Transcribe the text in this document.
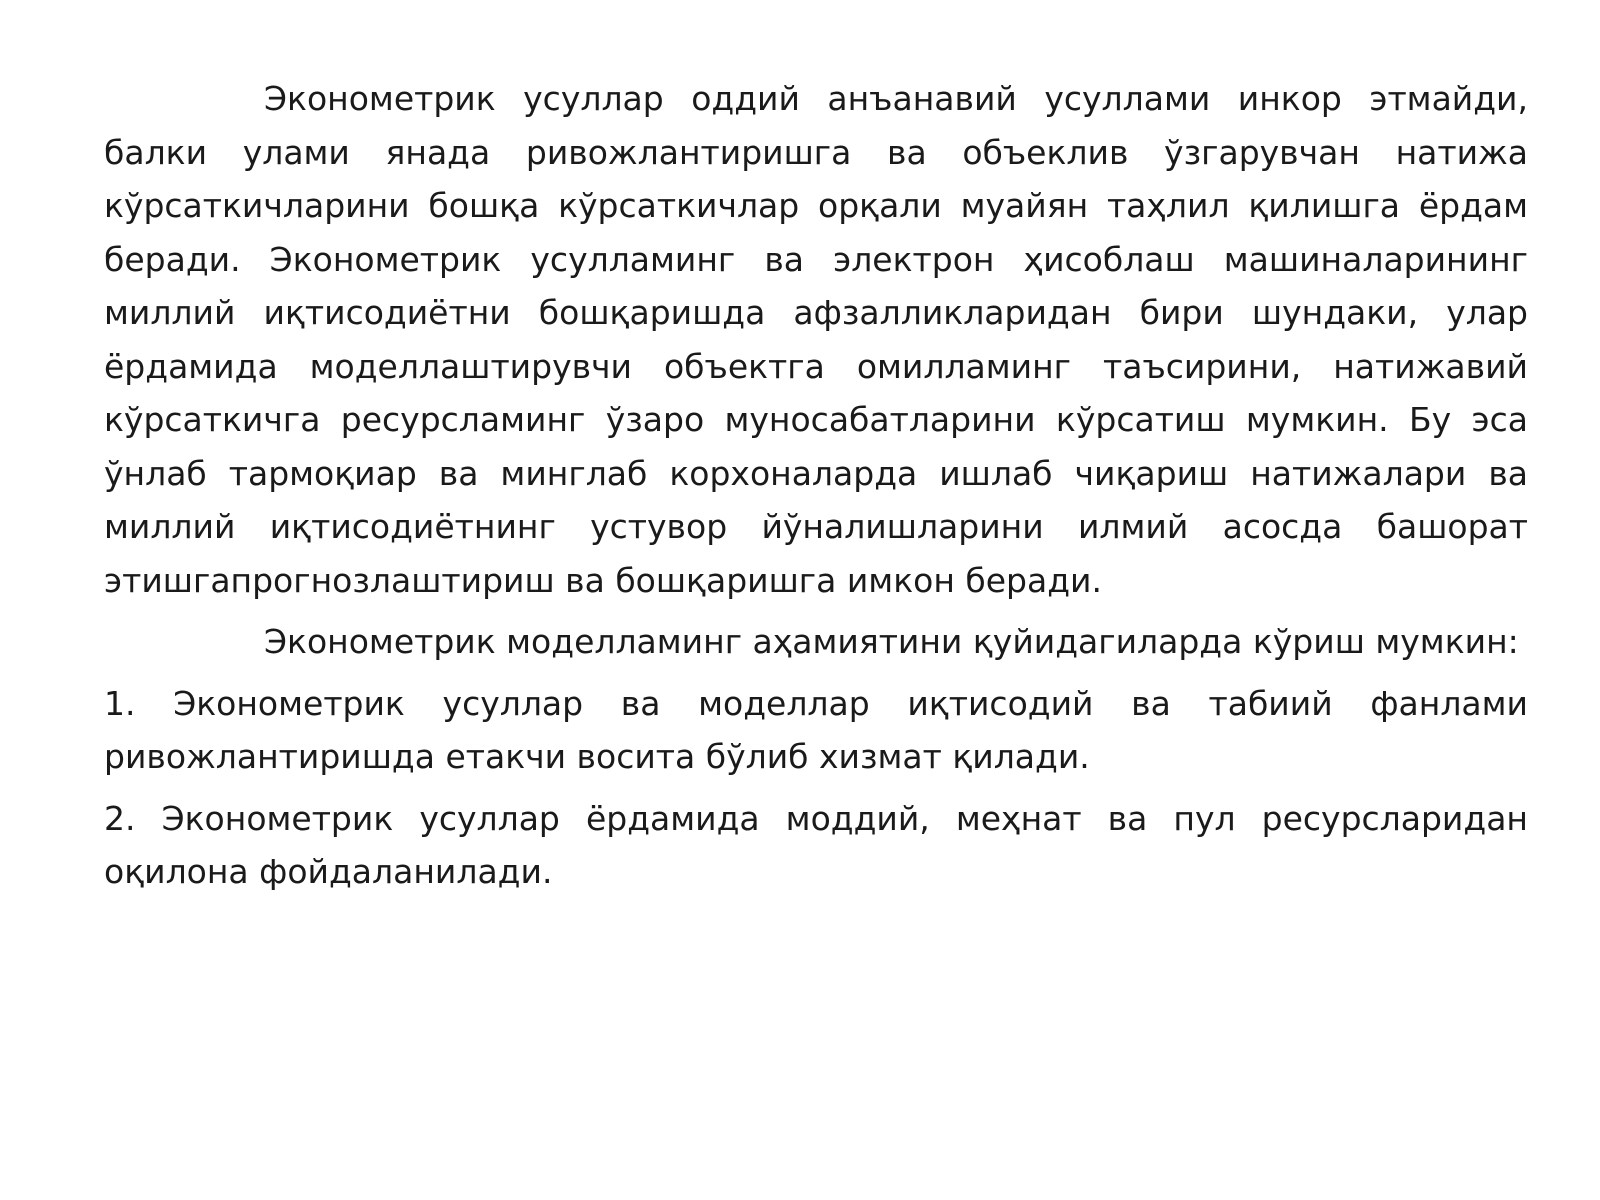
Эконометрик усуллар оддий анъанавий усуллами инкор этмайди, балки улами янада ривожлантиришга ва объеклив ўзгарувчан натижа кўрсаткичларини бошқа кўрсаткичлар орқали муайян таҳлил қилишга ёрдам беради. Эконометрик усулламинг ва электрон ҳисоблаш машиналарининг миллий иқтисодиётни бошқаришда афзалликларидан бири шундаки, улар ёрдамида моделлаштирувчи объектга омилламинг таъсирини, натижавий кўрсаткичга ресурсламинг ўзаро муносабатларини кўрсатиш мумкин. Бу эса ўнлаб тармоқиар ва минглаб корхоналарда ишлаб чиқариш натижалари ва миллий иқтисодиётнинг устувор йўналишларини илмий асосда башорат этишгапрогнозлаштириш ва бошқаришга имкон беради.

Эконометрик моделламинг аҳамиятини қуйидагиларда кўриш мумкин:

1. Эконометрик усуллар ва моделлар иқтисодий ва табиий фанлами ривожлантиришда етакчи восита бўлиб хизмат қилади.

2. Эконометрик усуллар ёрдамида моддий, меҳнат ва пул ресурсларидан оқилона фойдаланилади.
